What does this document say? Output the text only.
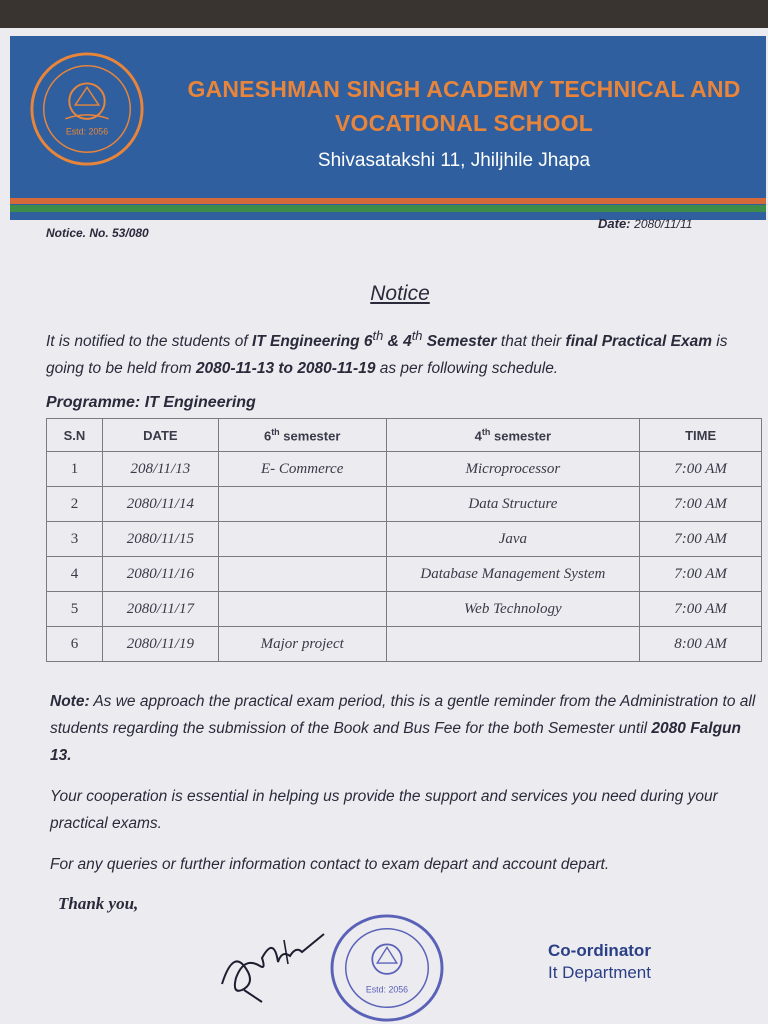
Estd: 2056
GANESHMAN SINGH ACADEMY TECHNICAL AND
VOCATIONAL SCHOOL
Shivasatakshi 11, Jhiljhile Jhapa
Notice. No. 53/080
Date: 2080/11/11
Notice
It is notified to the students of IT Engineering 6th & 4th Semester that their final Practical Exam is going to be held from 2080-11-13 to 2080-11-19 as per following schedule.
Programme: IT Engineering
S.N	DATE	6th semester	4th semester	TIME
1	208/11/13	E- Commerce	Microprocessor	7:00 AM
2	2080/11/14		Data Structure	7:00 AM
3	2080/11/15		Java	7:00 AM
4	2080/11/16		Database Management System	7:00 AM
5	2080/11/17		Web Technology	7:00 AM
6	2080/11/19	Major project		8:00 AM

Note: As we approach the practical exam period, this is a gentle reminder from the Administration to all students regarding the submission of the Book and Bus Fee for the both Semester until 2080 Falgun 13.

Your cooperation is essential in helping us provide the support and services you need during your practical exams.

For any queries or further information contact to exam depart and account depart.

Thank you,
Estd: 2056
Co-ordinator
It Department
